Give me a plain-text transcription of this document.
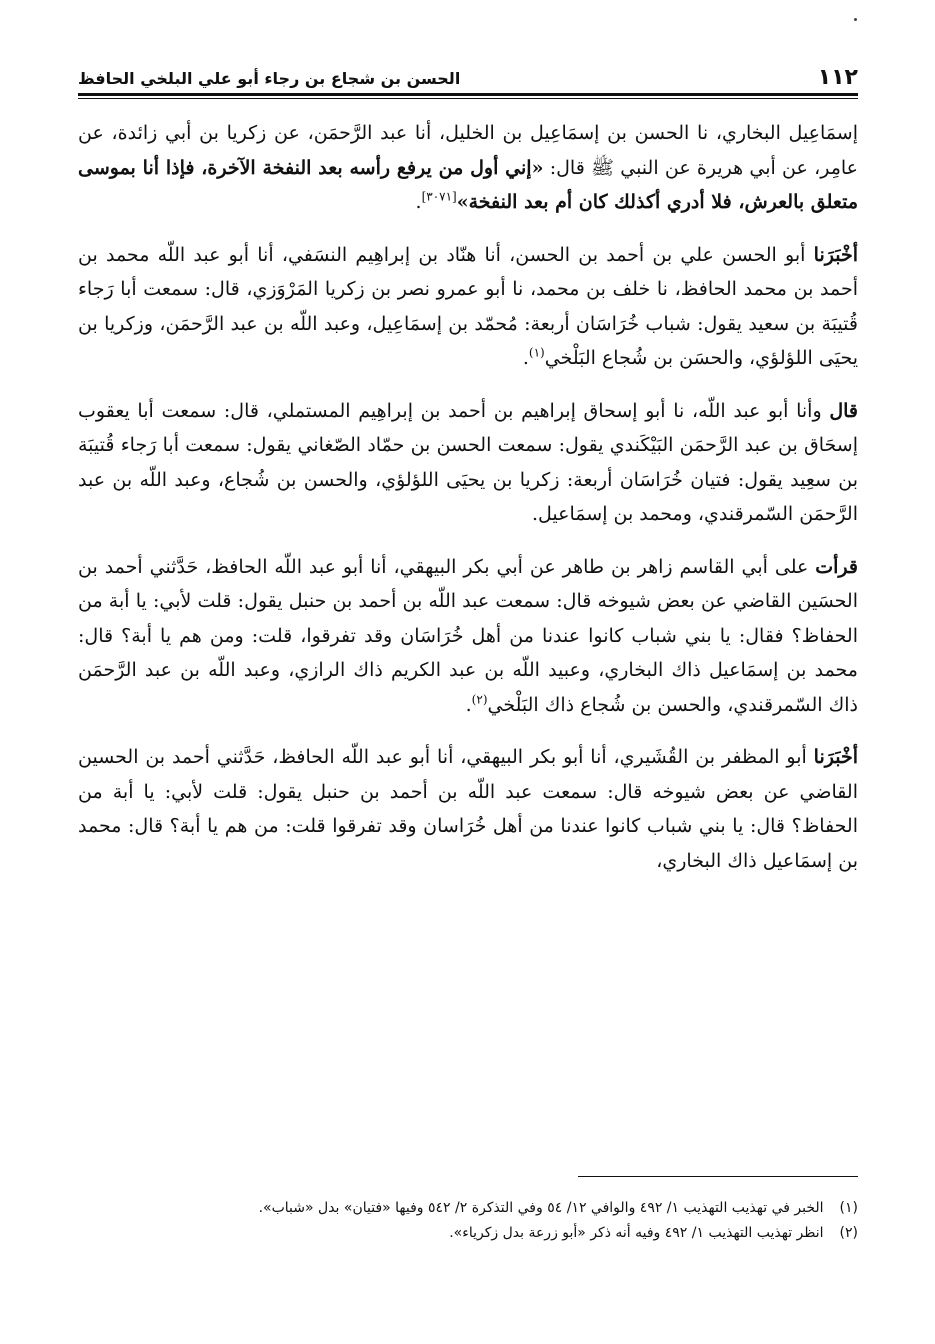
١١٢
الحسن بن شجاع بن رجاء أبو علي البلخي الحافظ

إسمَاعِيل البخاري، نا الحسن بن إسمَاعِيل بن الخليل، أنا عبد الرَّحمَن، عن زكريا بن أبي زائدة، عن عامِر، عن أبي هريرة عن النبي ﷺ قال: «إني أول من يرفع رأسه بعد النفخة الآخرة، فإذا أنا بموسى متعلق بالعرش، فلا أدري أكذلك كان أم بعد النفخة»[٣٠٧١].

أخْبَرَنا أبو الحسن علي بن أحمد بن الحسن، أنا هنّاد بن إبراهِيم النسَفي، أنا أبو عبد اللّه محمد بن أحمد بن محمد الحافظ، نا خلف بن محمد، نا أبو عمرو نصر بن زكريا المَرْوَزي، قال: سمعت أبا رَجاء قُتيبَة بن سعيد يقول: شباب خُرَاسَان أربعة: مُحمّد بن إسمَاعِيل، وعبد اللّه بن عبد الرَّحمَن، وزكريا بن يحيَى اللؤلؤي، والحسَن بن شُجاع البَلْخي$^{(١)}$.

قال وأنا أبو عبد اللّه، نا أبو إسحاق إبراهيم بن أحمد بن إبراهِيم المستملي، قال: سمعت أبا يعقوب إسحَاق بن عبد الرَّحمَن البَيْكَندي يقول: سمعت الحسن بن حمّاد الصّغاني يقول: سمعت أبا رَجاء قُتيبَة بن سعِيد يقول: فتيان خُرَاسَان أربعة: زكريا بن يحيَى اللؤلؤي، والحسن بن شُجاع، وعبد اللّه بن عبد الرَّحمَن السّمرقندي، ومحمد بن إسمَاعيل.

قرأت على أبي القاسم زاهر بن طاهر عن أبي بكر البيهقي، أنا أبو عبد اللّه الحافظ، حَدَّثني أحمد بن الحسَين القاضي عن بعض شيوخه قال: سمعت عبد اللّه بن أحمد بن حنبل يقول: قلت لأبي: يا أبة من الحفاظ؟ فقال: يا بني شباب كانوا عندنا من أهل خُرَاسَان وقد تفرقوا، قلت: ومن هم يا أبة؟ قال: محمد بن إسمَاعيل ذاك البخاري، وعبيد اللّه بن عبد الكريم ذاك الرازي، وعبد اللّه بن عبد الرَّحمَن ذاك السّمرقندي، والحسن بن شُجاع ذاك البَلْخي$^{(٢)}$.

أخْبَرَنا أبو المظفر بن القُشَيري، أنا أبو بكر البيهقي، أنا أبو عبد اللّه الحافظ، حَدَّثني أحمد بن الحسين القاضي عن بعض شيوخه قال: سمعت عبد اللّه بن أحمد بن حنبل يقول: قلت لأبي: يا أبة من الحفاظ؟ قال: يا بني شباب كانوا عندنا من أهل خُرَاسان وقد تفرقوا قلت: من هم يا أبة؟ قال: محمد بن إسمَاعيل ذاك البخاري،

(١) الخبر في تهذيب التهذيب ١/ ٤٩٢ والوافي ١٢/ ٥٤ وفي التذكرة ٢/ ٥٤٢ وفيها «فتيان» بدل «شباب».

(٢) انظر تهذيب التهذيب ١/ ٤٩٢ وفيه أنه ذكر «أبو زرعة بدل زكرياء».
